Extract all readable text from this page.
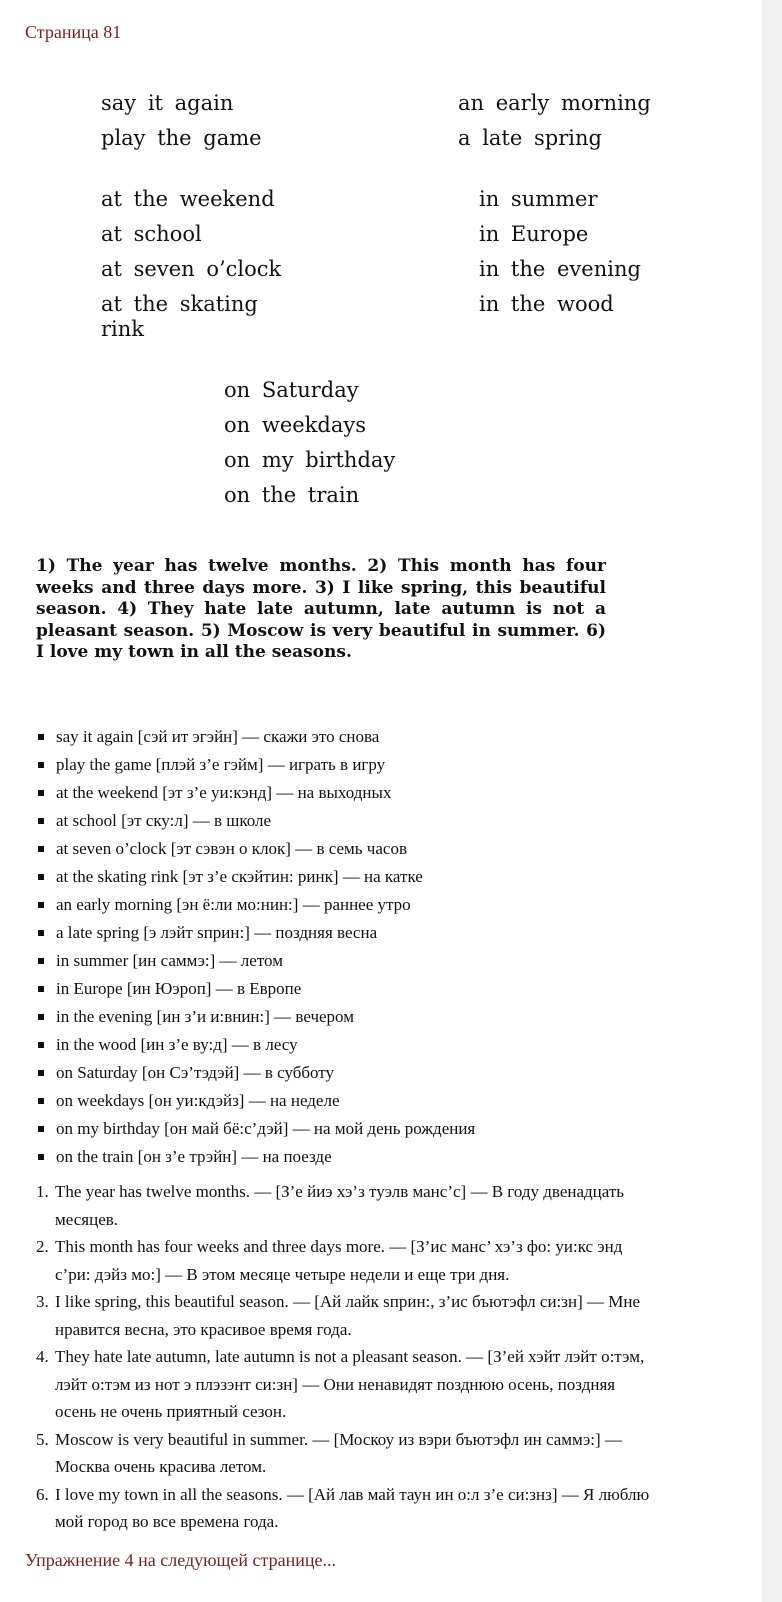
Страница 81
say it again
play the game
an early morning
a late spring
at the weekend
at school
at seven o’clock
at the skating
rink
in summer
in Europe
in the evening
in the wood
on Saturday
on weekdays
on my birthday
on the train
1) The year has twelve months. 2) This month has four weeks and three days more. 3) I like spring, this beautiful season. 4) They hate late autumn, late autumn is not a pleasant season. 5) Moscow is very beautiful in summer. 6) I love my town in all the seasons.
say it again [сэй ит эгэйн] — скажи это снова
play the game [плэй з’е гэйм] — играть в игру
at the weekend [эт з’е уи:кэнд] — на выходных
at school [эт ску:л] — в школе
at seven o’clock [эт сэвэн о клок] — в семь часов
at the skating rink [эт з’е скэйтин: ринк] — на катке
an early morning [эн ё:ли мо:нин:] — раннее утро
a late spring [э лэйт sприн:] — поздняя весна
in summer [ин саммэ:] — летом
in Europe [ин Юэроп] — в Европе
in the evening [ин з’и и:внин:] — вечером
in the wood [ин з’е ву:д] — в лесу
on Saturday [он Сэ’тэдэй] — в субботу
on weekdays [он уи:кдэйз] — на неделе
on my birthday [он май бё:с’дэй] — на мой день рождения
on the train [он з’е трэйн] — на поезде
1. The year has twelve months. — [З’е йиэ хэ’з туэлв манс’с] — В году двенадцать
месяцев.
2. This month has four weeks and three days more. — [З’ис манс’ хэ’з фо: уи:кс энд
с’ри: дэйз мо:] — В этом месяце четыре недели и еще три дня.
3. I like spring, this beautiful season. — [Ай лайк sприн:, з’ис бъютэфл си:зн] — Мне
нравится весна, это красивое время года.
4. They hate late autumn, late autumn is not a pleasant season. — [З’ей хэйт лэйт о:тэм,
лэйт о:тэм из нот э плэзэнт си:зн] — Они ненавидят позднюю осень, поздняя
осень не очень приятный сезон.
5. Moscow is very beautiful in summer. — [Москоу из вэри бъютэфл ин саммэ:] —
Москва очень красива летом.
6. I love my town in all the seasons. — [Ай лав май таун ин о:л з’е си:знз] — Я люблю
мой город во все времена года.
Упражнение 4 на следующей странице...
